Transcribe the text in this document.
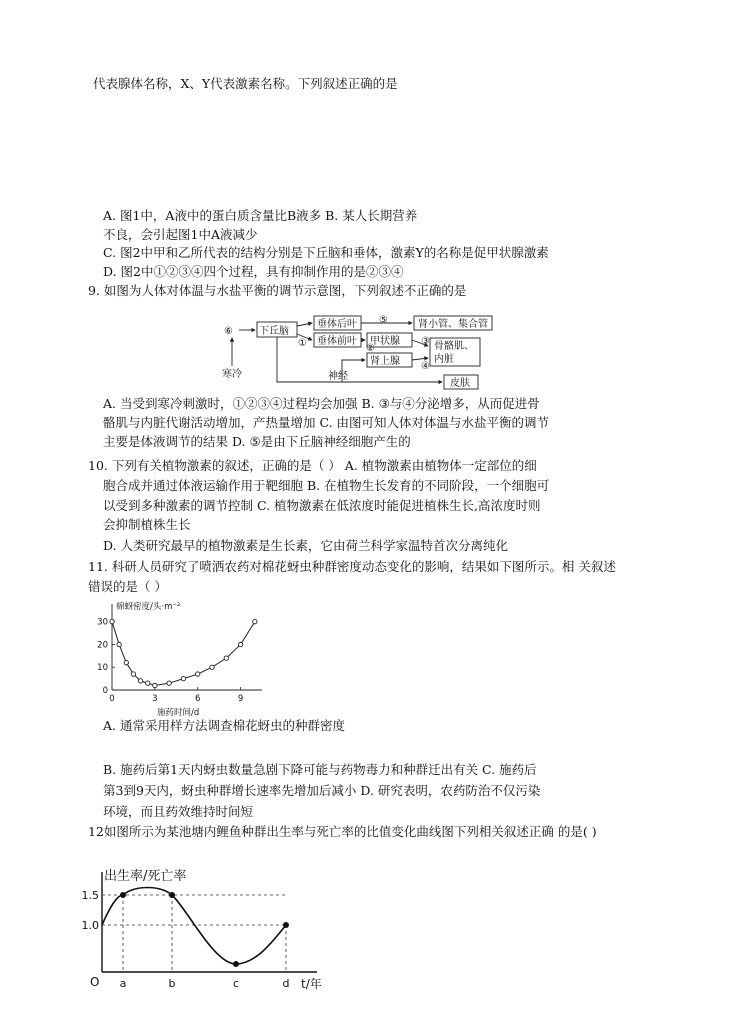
代表腺体名称，X、Y代表激素名称。下列叙述正确的是
A. 图1中，A液中的蛋白质含量比B液多 B. 某人长期营养
不良，会引起图1中A液减少
C. 图2中甲和乙所代表的结构分别是下丘脑和垂体，激素Y的名称是促甲状腺激素
D. 图2中①②③④四个过程，具有抑制作用的是②③④
9. 如图为人体对体温与水盐平衡的调节示意图，下列叙述不正确的是
⑥
寒冷
下丘脑
垂体后叶
垂体前叶
⑤
①	②
肾小管、集合管
甲状腺
肾上腺
③
④
骨骼肌、
内脏
神经
皮肤
A. 当受到寒冷刺激时，①②③④过程均会加强 B. ③与④分泌增多，从而促进骨
骼肌与内脏代谢活动增加，产热量增加 C. 由图可知人体对体温与水盐平衡的调节
主要是体液调节的结果 D. ⑤是由下丘脑神经细胞产生的
10. 下列有关植物激素的叙述，正确的是（ ） A. 植物激素由植物体一定部位的细
胞合成并通过体液运输作用于靶细胞 B. 在植物生长发育的不同阶段，一个细胞可
以受到多种激素的调节控制 C. 植物激素在低浓度时能促进植株生长,高浓度时则
会抑制植株生长
D. 人类研究最早的植物激素是生长素，它由荷兰科学家温特首次分离纯化
11. 科研人员研究了喷洒农药对棉花蚜虫种群密度动态变化的影响，结果如下图所示。相 关叙述
错误的是（ ）
棉蚜密度/头·m⁻²
施药时间/d
0	3	6	9
0
10
20
30
A. 通常采用样方法调查棉花蚜虫的种群密度
B. 施药后第1天内蚜虫数量急剧下降可能与药物毒力和种群迁出有关 C. 施药后
第3到9天内，蚜虫种群增长速率先增加后减小 D. 研究表明，农药防治不仅污染
环境，而且药效维持时间短
12如图所示为某池塘内鲤鱼种群出生率与死亡率的比值变化曲线图下列相关叙述正确 的是( )
出生率/死亡率
t/年
O
1.0
1.5
a	b	c	d
